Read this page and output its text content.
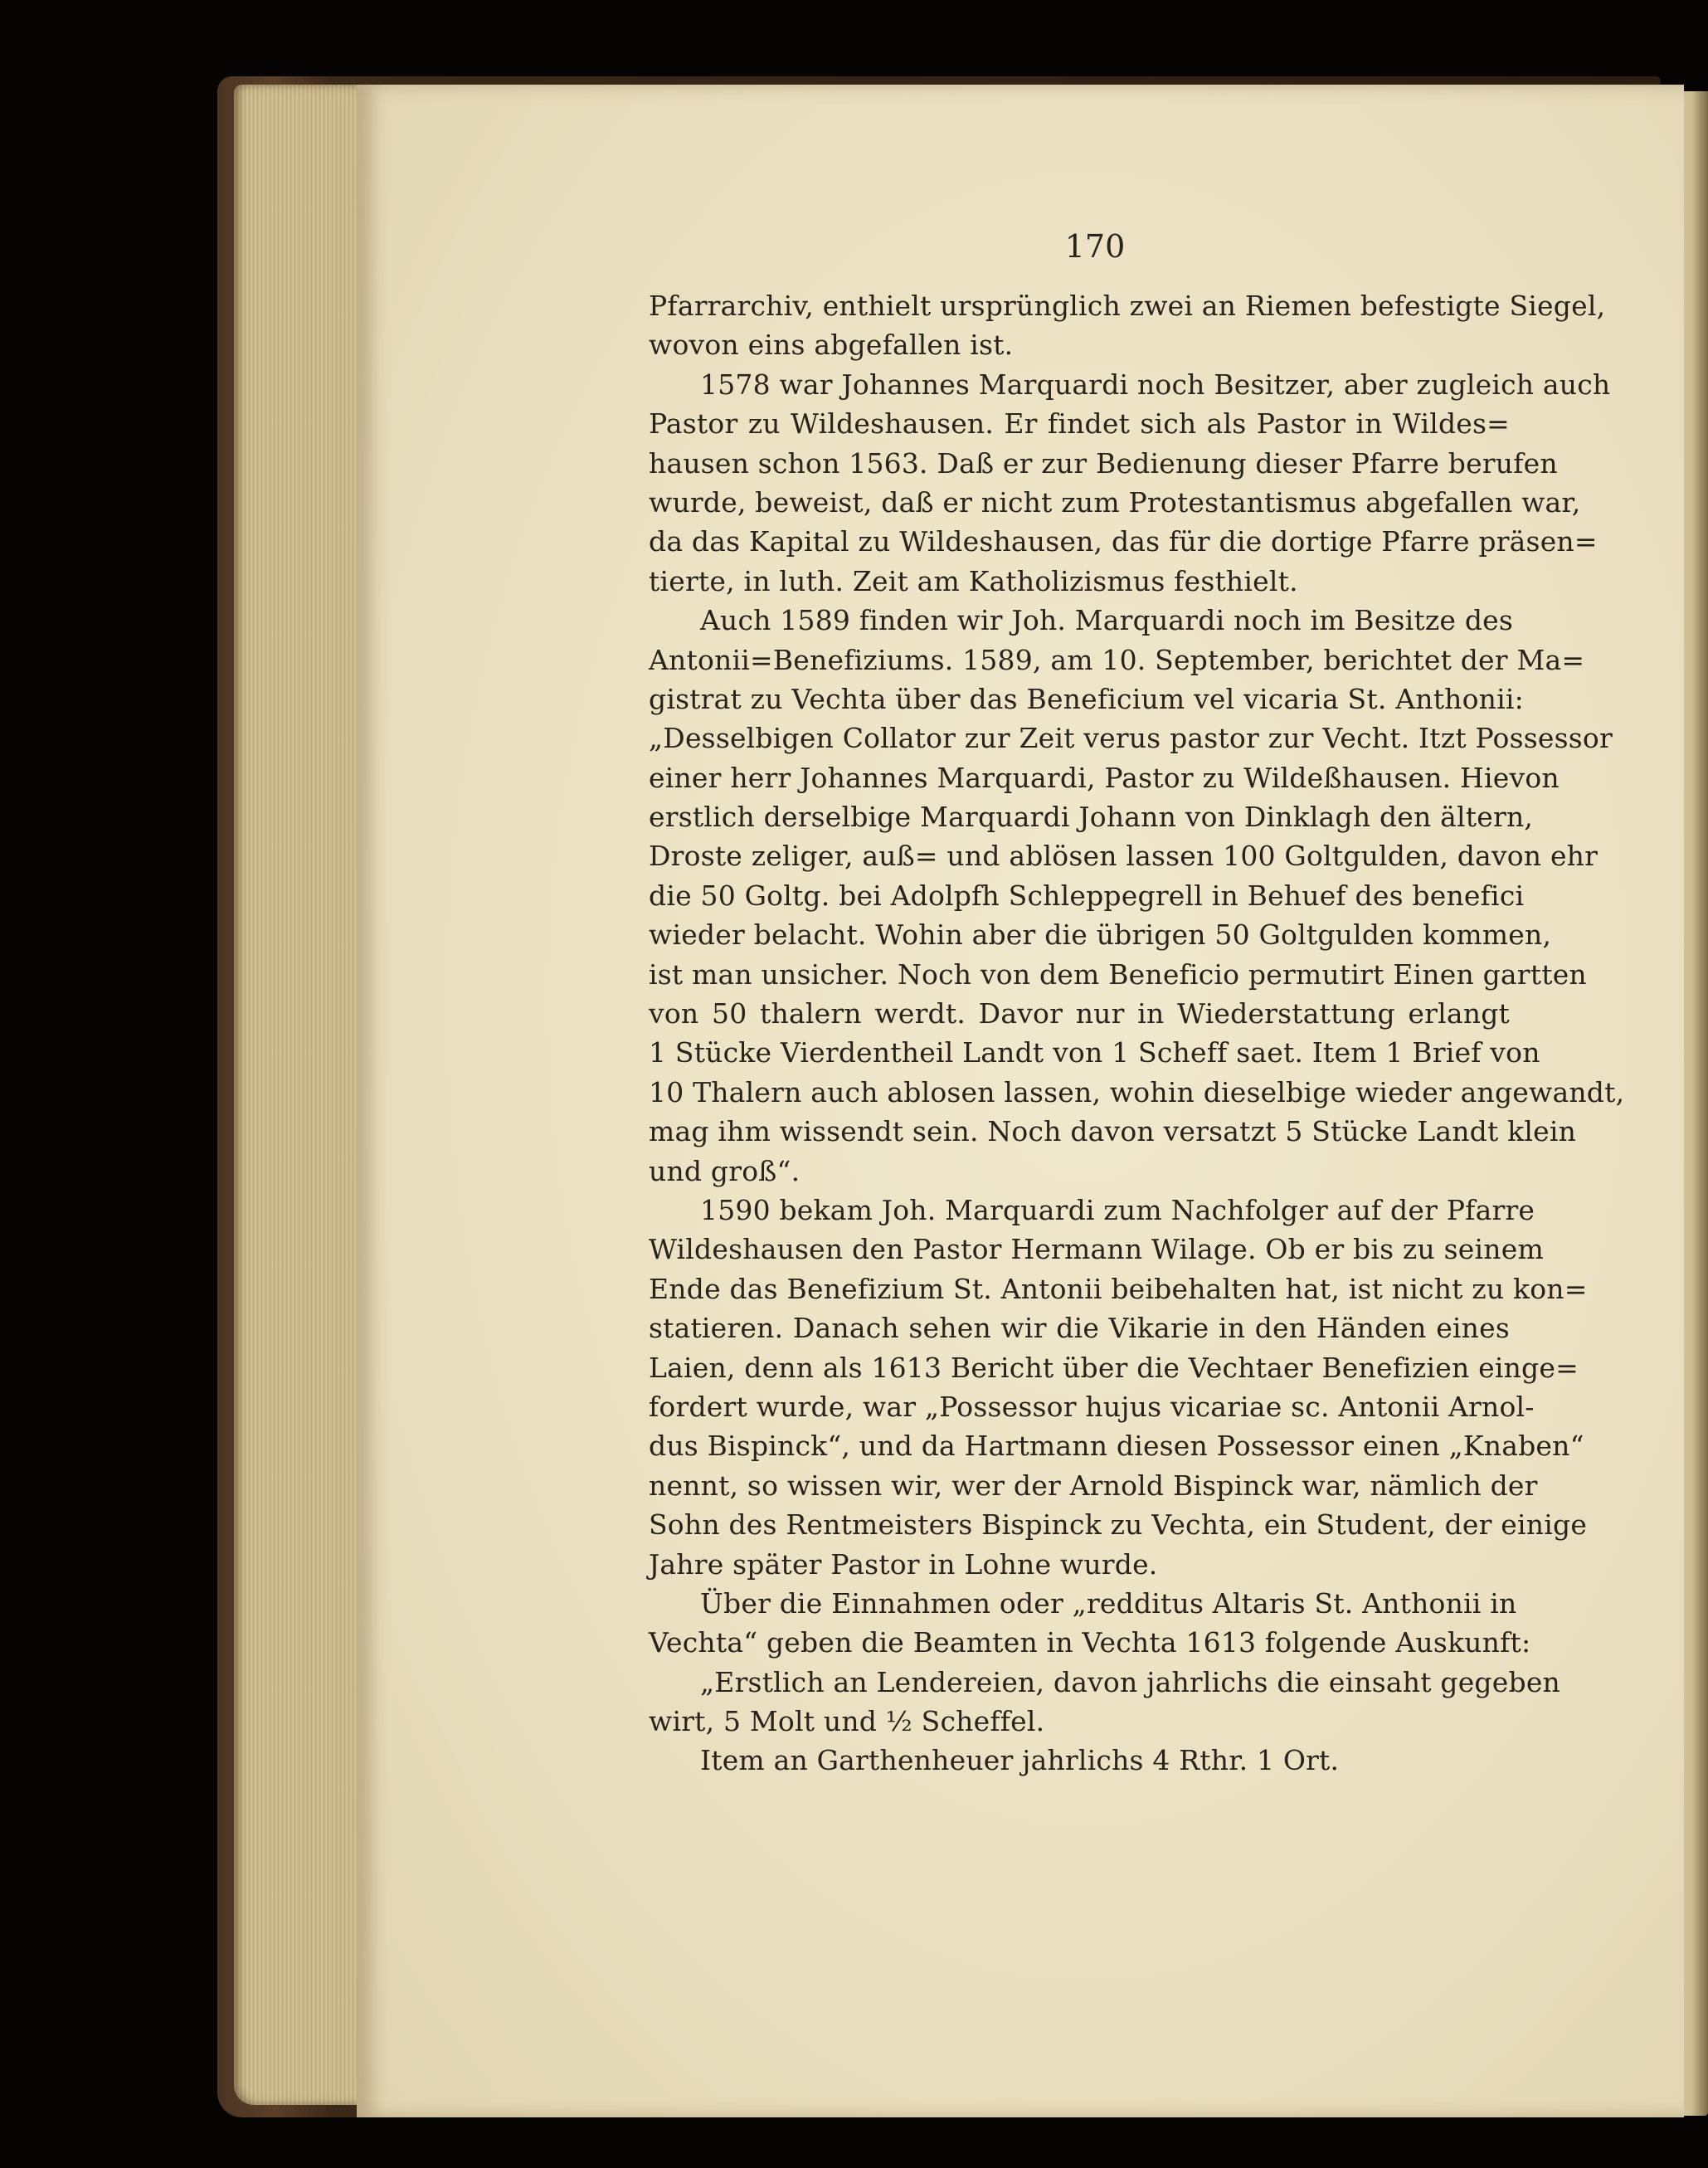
170
Pfarrarchiv, enthielt ursprünglich zwei an Riemen befestigte Siegel,
wovon eins abgefallen ist.
1578 war Johannes Marquardi noch Besitzer, aber zugleich auch
Pastor zu Wildeshausen. Er findet sich als Pastor in Wildes=
hausen schon 1563. Daß er zur Bedienung dieser Pfarre berufen
wurde, beweist, daß er nicht zum Protestantismus abgefallen war,
da das Kapital zu Wildeshausen, das für die dortige Pfarre präsen=
tierte, in luth. Zeit am Katholizismus festhielt.
Auch 1589 finden wir Joh. Marquardi noch im Besitze des
Antonii=Benefiziums. 1589, am 10. September, berichtet der Ma=
gistrat zu Vechta über das Beneficium vel vicaria St. Anthonii:
„Desselbigen Collator zur Zeit verus pastor zur Vecht. Itzt Possessor
einer herr Johannes Marquardi, Pastor zu Wildeßhausen. Hievon
erstlich derselbige Marquardi Johann von Dinklagh den ältern,
Droste zeliger, auß= und ablösen lassen 100 Goltgulden, davon ehr
die 50 Goltg. bei Adolpfh Schleppegrell in Behuef des benefici
wieder belacht. Wohin aber die übrigen 50 Goltgulden kommen,
ist man unsicher. Noch von dem Beneficio permutirt Einen gartten
von 50 thalern werdt. Davor nur in Wiederstattung erlangt
1 Stücke Vierdentheil Landt von 1 Scheff saet. Item 1 Brief von
10 Thalern auch ablosen lassen, wohin dieselbige wieder angewandt,
mag ihm wissendt sein. Noch davon versatzt 5 Stücke Landt klein
und groß“.
1590 bekam Joh. Marquardi zum Nachfolger auf der Pfarre
Wildeshausen den Pastor Hermann Wilage. Ob er bis zu seinem
Ende das Benefizium St. Antonii beibehalten hat, ist nicht zu kon=
statieren. Danach sehen wir die Vikarie in den Händen eines
Laien, denn als 1613 Bericht über die Vechtaer Benefizien einge=
fordert wurde, war „Possessor hujus vicariae sc. Antonii Arnol-
dus Bispinck“, und da Hartmann diesen Possessor einen „Knaben“
nennt, so wissen wir, wer der Arnold Bispinck war, nämlich der
Sohn des Rentmeisters Bispinck zu Vechta, ein Student, der einige
Jahre später Pastor in Lohne wurde.
Über die Einnahmen oder „redditus Altaris St. Anthonii in
Vechta“ geben die Beamten in Vechta 1613 folgende Auskunft:
„Erstlich an Lendereien, davon jahrlichs die einsaht gegeben
wirt, 5 Molt und ½ Scheffel.
Item an Garthenheuer jahrlichs 4 Rthr. 1 Ort.
